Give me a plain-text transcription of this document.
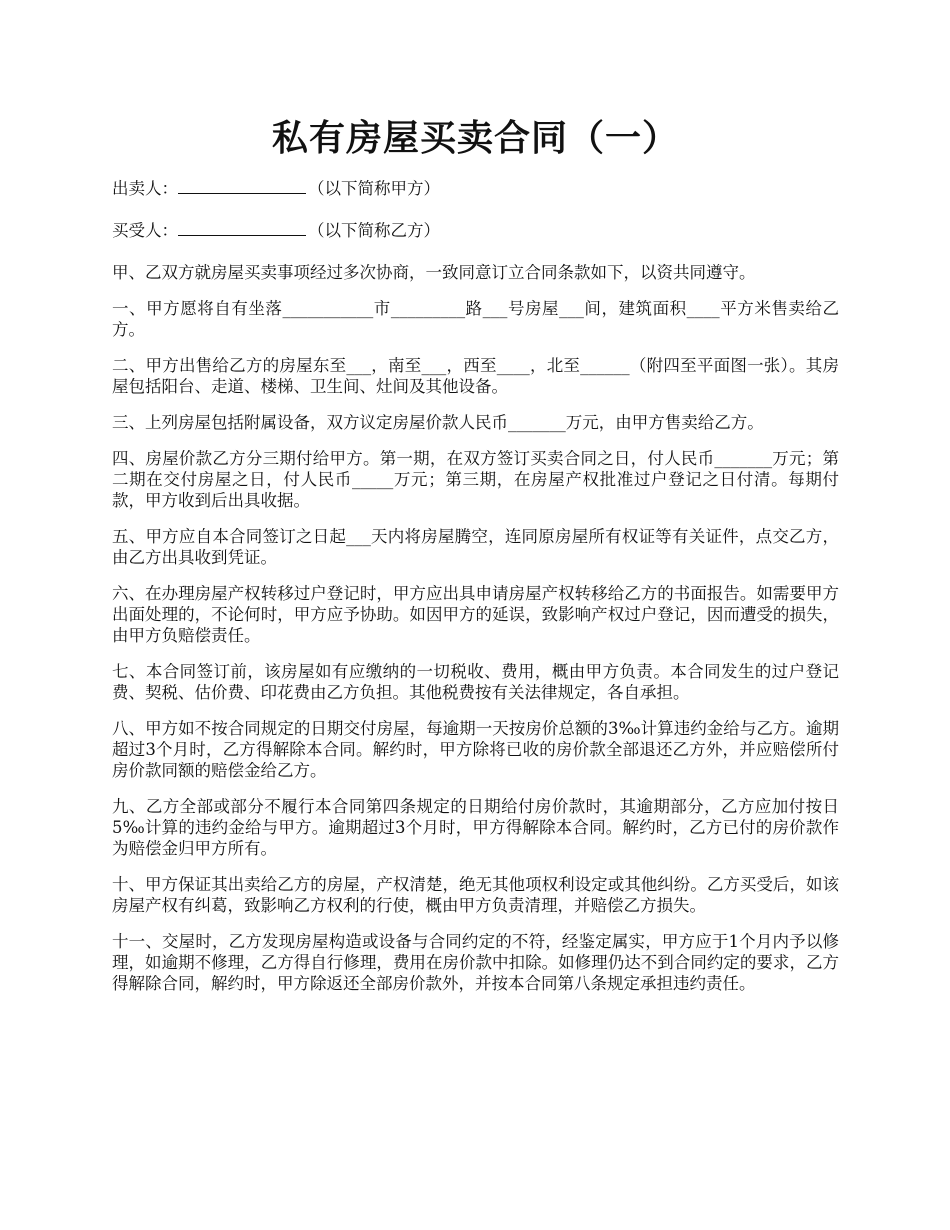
私有房屋买卖合同（一）

出卖人：	（以下简称甲方）

买受人：	（以下简称乙方）

甲、乙双方就房屋买卖事项经过多次协商，一致同意订立合同条款如下，以资共同遵守。

一、甲方愿将自有坐落___________市_________路___号房屋___间，建筑面积____平方米售卖给乙方。

二、甲方出售给乙方的房屋东至___，南至___，西至____，北至______（附四至平面图一张）。其房屋包括阳台、走道、楼梯、卫生间、灶间及其他设备。

三、上列房屋包括附属设备，双方议定房屋价款人民币_______万元，由甲方售卖给乙方。

四、房屋价款乙方分三期付给甲方。第一期，在双方签订买卖合同之日，付人民币_______万元；第二期在交付房屋之日，付人民币_____万元；第三期，在房屋产权批准过户登记之日付清。每期付款，甲方收到后出具收据。

五、甲方应自本合同签订之日起___天内将房屋腾空，连同原房屋所有权证等有关证件，点交乙方，由乙方出具收到凭证。

六、在办理房屋产权转移过户登记时，甲方应出具申请房屋产权转移给乙方的书面报告。如需要甲方出面处理的，不论何时，甲方应予协助。如因甲方的延误，致影响产权过户登记，因而遭受的损失，由甲方负赔偿责任。

七、本合同签订前，该房屋如有应缴纳的一切税收、费用，概由甲方负责。本合同发生的过户登记费、契税、估价费、印花费由乙方负担。其他税费按有关法律规定，各自承担。

八、甲方如不按合同规定的日期交付房屋，每逾期一天按房价总额的3‰计算违约金给与乙方。逾期超过3个月时，乙方得解除本合同。解约时，甲方除将已收的房价款全部退还乙方外，并应赔偿所付房价款同额的赔偿金给乙方。

九、乙方全部或部分不履行本合同第四条规定的日期给付房价款时，其逾期部分，乙方应加付按日5‰计算的违约金给与甲方。逾期超过3个月时，甲方得解除本合同。解约时，乙方已付的房价款作为赔偿金归甲方所有。

十、甲方保证其出卖给乙方的房屋，产权清楚，绝无其他项权利设定或其他纠纷。乙方买受后，如该房屋产权有纠葛，致影响乙方权利的行使，概由甲方负责清理，并赔偿乙方损失。

十一、交屋时，乙方发现房屋构造或设备与合同约定的不符，经鉴定属实，甲方应于1个月内予以修理，如逾期不修理，乙方得自行修理，费用在房价款中扣除。如修理仍达不到合同约定的要求，乙方得解除合同，解约时，甲方除返还全部房价款外，并按本合同第八条规定承担违约责任。
